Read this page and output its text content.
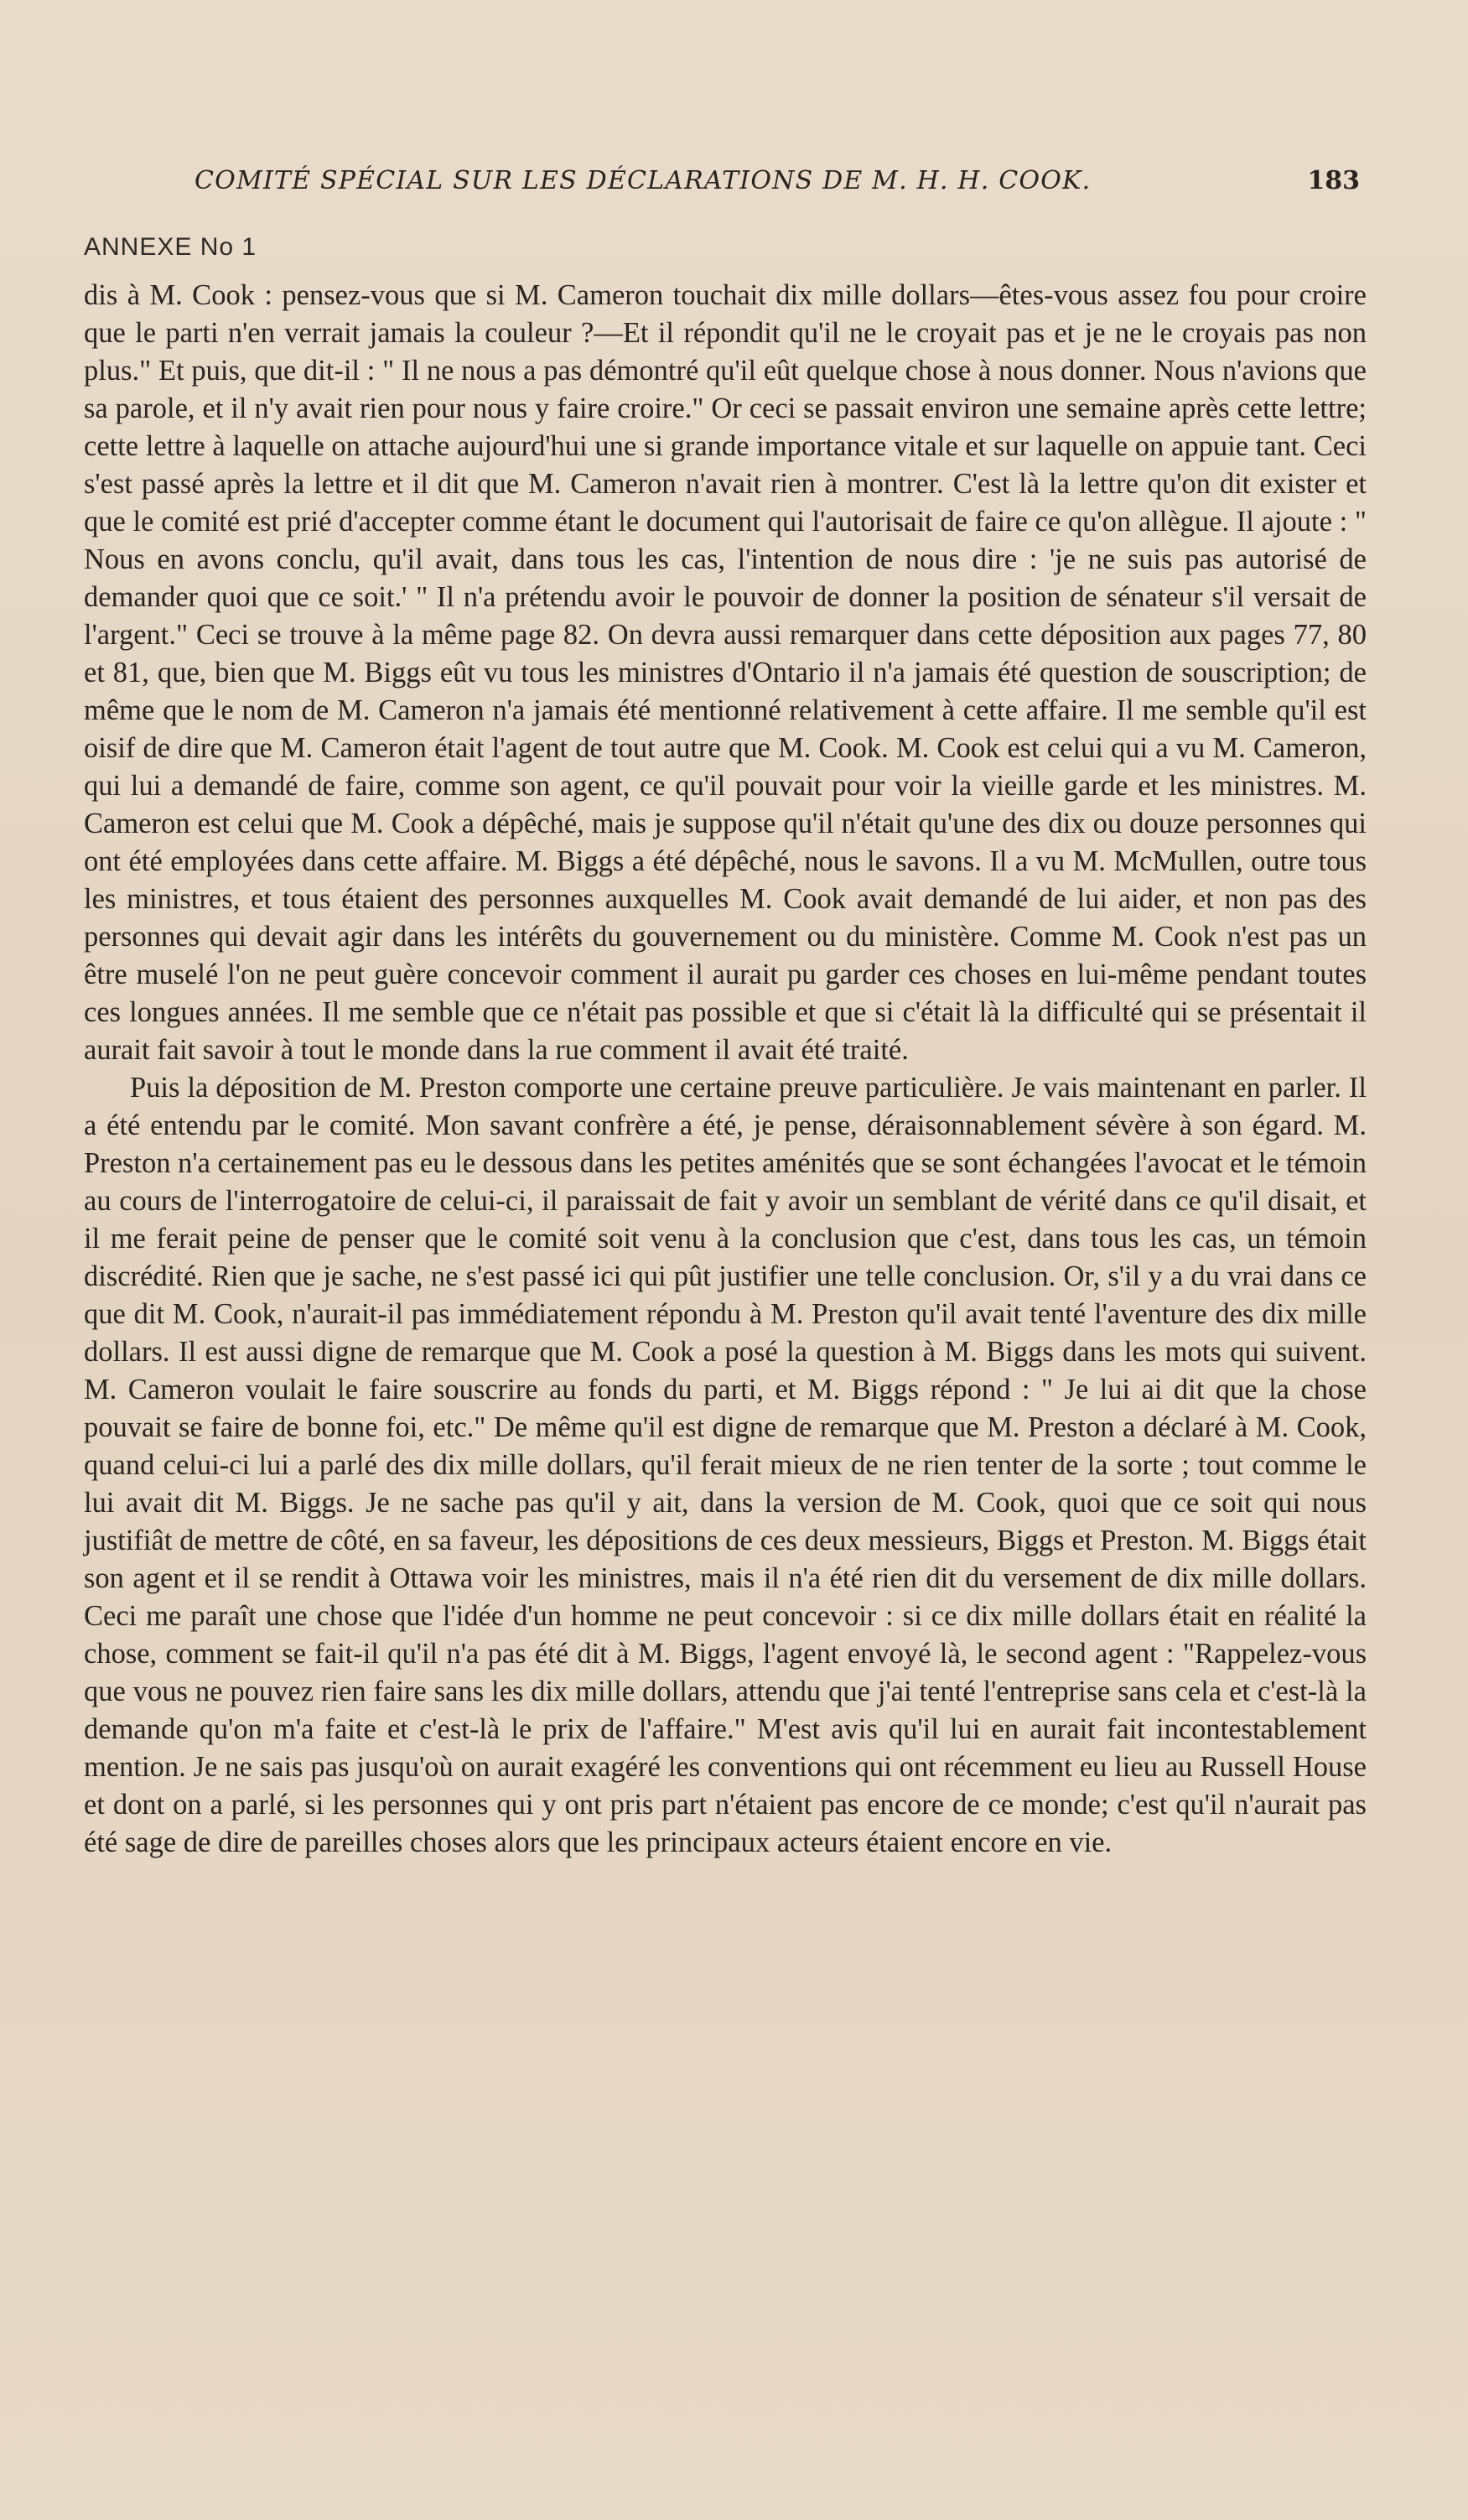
COMITÉ SPÉCIAL SUR LES DÉCLARATIONS DE M. H. H. COOK.	183
ANNEXE No 1

dis à M. Cook : pensez-vous que si M. Cameron touchait dix mille dollars—êtes-vous assez fou pour croire que le parti n'en verrait jamais la couleur ?—Et il répondit qu'il ne le croyait pas et je ne le croyais pas non plus." Et puis, que dit-il : " Il ne nous a pas démontré qu'il eût quelque chose à nous donner. Nous n'avions que sa parole, et il n'y avait rien pour nous y faire croire." Or ceci se passait environ une semaine après cette lettre; cette lettre à laquelle on attache aujourd'hui une si grande importance vitale et sur laquelle on appuie tant. Ceci s'est passé après la lettre et il dit que M. Cameron n'avait rien à montrer. C'est là la lettre qu'on dit exister et que le comité est prié d'accepter comme étant le document qui l'autorisait de faire ce qu'on allègue. Il ajoute : " Nous en avons conclu, qu'il avait, dans tous les cas, l'intention de nous dire : 'je ne suis pas autorisé de demander quoi que ce soit.' " Il n'a prétendu avoir le pouvoir de donner la position de sénateur s'il versait de l'argent." Ceci se trouve à la même page 82. On devra aussi remarquer dans cette déposition aux pages 77, 80 et 81, que, bien que M. Biggs eût vu tous les ministres d'Ontario il n'a jamais été question de souscription; de même que le nom de M. Cameron n'a jamais été mentionné relativement à cette affaire. Il me semble qu'il est oisif de dire que M. Cameron était l'agent de tout autre que M. Cook. M. Cook est celui qui a vu M. Cameron, qui lui a demandé de faire, comme son agent, ce qu'il pouvait pour voir la vieille garde et les ministres. M. Cameron est celui que M. Cook a dépêché, mais je suppose qu'il n'était qu'une des dix ou douze personnes qui ont été employées dans cette affaire. M. Biggs a été dépêché, nous le savons. Il a vu M. McMullen, outre tous les ministres, et tous étaient des personnes auxquelles M. Cook avait demandé de lui aider, et non pas des personnes qui devait agir dans les intérêts du gouvernement ou du ministère. Comme M. Cook n'est pas un être muselé l'on ne peut guère concevoir comment il aurait pu garder ces choses en lui-même pendant toutes ces longues années. Il me semble que ce n'était pas possible et que si c'était là la difficulté qui se présentait il aurait fait savoir à tout le monde dans la rue comment il avait été traité.

Puis la déposition de M. Preston comporte une certaine preuve particulière. Je vais maintenant en parler. Il a été entendu par le comité. Mon savant confrère a été, je pense, déraisonnablement sévère à son égard. M. Preston n'a certainement pas eu le dessous dans les petites aménités que se sont échangées l'avocat et le témoin au cours de l'interrogatoire de celui-ci, il paraissait de fait y avoir un semblant de vérité dans ce qu'il disait, et il me ferait peine de penser que le comité soit venu à la conclusion que c'est, dans tous les cas, un témoin discrédité. Rien que je sache, ne s'est passé ici qui pût justifier une telle conclusion. Or, s'il y a du vrai dans ce que dit M. Cook, n'aurait-il pas immédiatement répondu à M. Preston qu'il avait tenté l'aventure des dix mille dollars. Il est aussi digne de remarque que M. Cook a posé la question à M. Biggs dans les mots qui suivent. M. Cameron voulait le faire souscrire au fonds du parti, et M. Biggs répond : " Je lui ai dit que la chose pouvait se faire de bonne foi, etc." De même qu'il est digne de remarque que M. Preston a déclaré à M. Cook, quand celui-ci lui a parlé des dix mille dollars, qu'il ferait mieux de ne rien tenter de la sorte ; tout comme le lui avait dit M. Biggs. Je ne sache pas qu'il y ait, dans la version de M. Cook, quoi que ce soit qui nous justifiât de mettre de côté, en sa faveur, les dépositions de ces deux messieurs, Biggs et Preston. M. Biggs était son agent et il se rendit à Ottawa voir les ministres, mais il n'a été rien dit du versement de dix mille dollars. Ceci me paraît une chose que l'idée d'un homme ne peut concevoir : si ce dix mille dollars était en réalité la chose, comment se fait-il qu'il n'a pas été dit à M. Biggs, l'agent envoyé là, le second agent : "Rappelez-vous que vous ne pouvez rien faire sans les dix mille dollars, attendu que j'ai tenté l'entreprise sans cela et c'est-là la demande qu'on m'a faite et c'est-là le prix de l'affaire." M'est avis qu'il lui en aurait fait incontestablement mention. Je ne sais pas jusqu'où on aurait exagéré les conventions qui ont récemment eu lieu au Russell House et dont on a parlé, si les personnes qui y ont pris part n'étaient pas encore de ce monde; c'est qu'il n'aurait pas été sage de dire de pareilles choses alors que les principaux acteurs étaient encore en vie.
